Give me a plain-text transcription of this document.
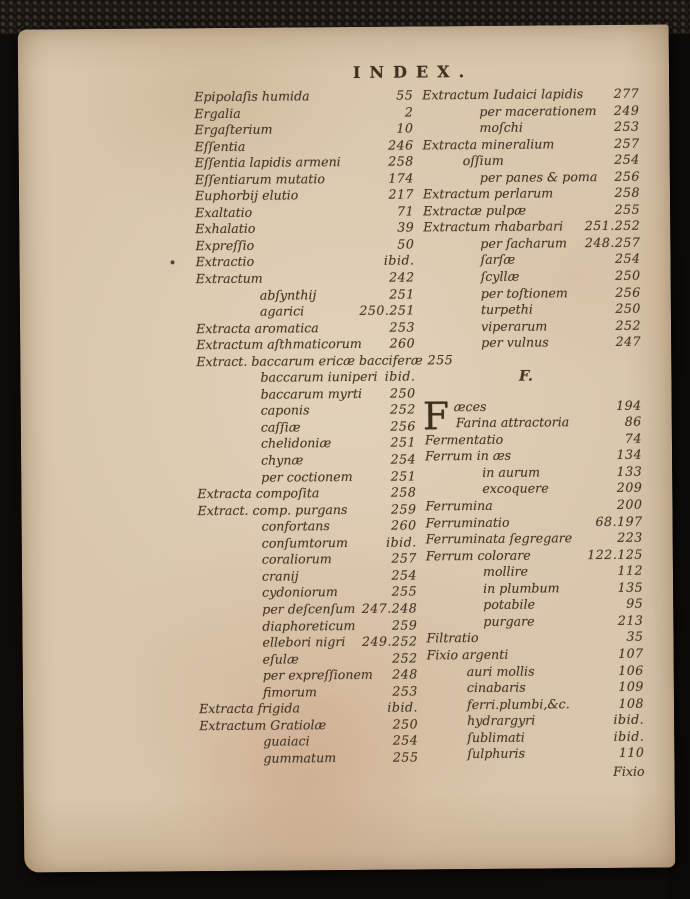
INDEX.
Epipolaſis humida	55
Ergalia	2
Ergaſterium	10
Eſſentia	246
Eſſentia lapidis armeni	258
Eſſentiarum mutatio	174
Euphorbij elutio	217
Exaltatio	71
Exhalatio	39
Expreſſio	50
Extractio	ibid.
Extractum	242
abſynthij	251
agarici	250.251
Extracta aromatica	253
Extractum aſthmaticorum	260
Extract. baccarum ericæ bacciferæ 255
baccarum iuniperi ibid.
baccarum myrti	250
caponis	252
caſſiæ	256
chelidoniæ	251
chynæ	254
per coctionem	251
Extracta compoſita	258
Extract. comp. purgans	259
confortans	260
conſumtorum	ibid.
coraliorum	257
cranij	254
cydoniorum	255
per deſcenſum 247.248
diaphoreticum	259
ellebori nigri	249.252
eſulæ	252
per expreſſionem	248
fimorum	253
Extracta frigida	ibid.
Extractum Gratiolæ	250
guaiaci	254
gummatum	255
Extractum Iudaici lapidis	277
per macerationem	249
moſchi	253
Extracta mineralium	257
oſſium	254
per panes & poma	256
Extractum perlarum	258
Extractæ pulpæ	255
Extractum rhabarbari	251.252
per ſacharum	248.257
ſarſæ	254
ſcyllæ	250
per toſtionem	256
turpethi	250
viperarum	252
per vulnus	247
F.
F æces	194
Farina attractoria	86
Fermentatio	74
Ferrum in æs	134
in aurum	133
excoquere	209
Ferrumina	200
Ferruminatio	68.197
Ferruminata ſegregare	223
Ferrum colorare	122.125
mollire	112
in plumbum	135
potabile	95
purgare	213
Filtratio	35
Fixio argenti	107
auri mollis	106
cinabaris	109
ferri.plumbi,&c.	108
hydrargyri	ibid.
ſublimati	ibid.
ſulphuris	110
Fixio
